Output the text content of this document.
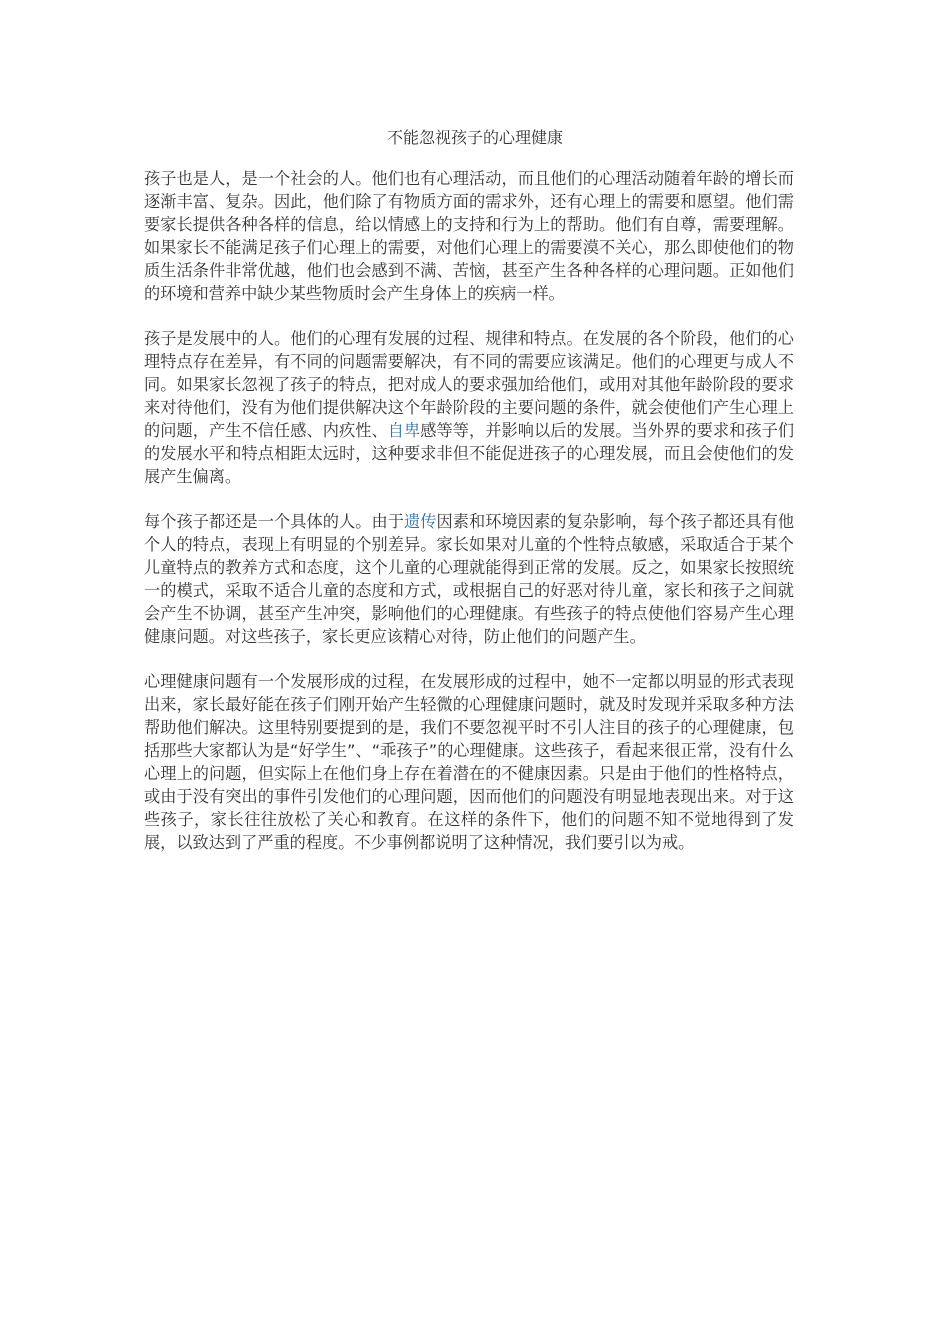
不能忽视孩子的心理健康

孩子也是人，是一个社会的人。他们也有心理活动，而且他们的心理活动随着年龄的增长而逐渐丰富、复杂。因此，他们除了有物质方面的需求外，还有心理上的需要和愿望。他们需要家长提供各种各样的信息，给以情感上的支持和行为上的帮助。他们有自尊，需要理解。如果家长不能满足孩子们心理上的需要，对他们心理上的需要漠不关心，那么即使他们的物质生活条件非常优越，他们也会感到不满、苦恼，甚至产生各种各样的心理问题。正如他们的环境和营养中缺少某些物质时会产生身体上的疾病一样。

孩子是发展中的人。他们的心理有发展的过程、规律和特点。在发展的各个阶段，他们的心理特点存在差异，有不同的问题需要解决，有不同的需要应该满足。他们的心理更与成人不同。如果家长忽视了孩子的特点，把对成人的要求强加给他们，或用对其他年龄阶段的要求来对待他们，没有为他们提供解决这个年龄阶段的主要问题的条件，就会使他们产生心理上的问题，产生不信任感、内疚性、自卑感等等，并影响以后的发展。当外界的要求和孩子们的发展水平和特点相距太远时，这种要求非但不能促进孩子的心理发展，而且会使他们的发展产生偏离。

每个孩子都还是一个具体的人。由于遗传因素和环境因素的复杂影响，每个孩子都还具有他个人的特点，表现上有明显的个别差异。家长如果对儿童的个性特点敏感，采取适合于某个儿童特点的教养方式和态度，这个儿童的心理就能得到正常的发展。反之，如果家长按照统一的模式，采取不适合儿童的态度和方式，或根据自己的好恶对待儿童，家长和孩子之间就会产生不协调，甚至产生冲突，影响他们的心理健康。有些孩子的特点使他们容易产生心理健康问题。对这些孩子，家长更应该精心对待，防止他们的问题产生。

心理健康问题有一个发展形成的过程，在发展形成的过程中，她不一定都以明显的形式表现出来，家长最好能在孩子们刚开始产生轻微的心理健康问题时，就及时发现并采取多种方法帮助他们解决。这里特别要提到的是，我们不要忽视平时不引人注目的孩子的心理健康，包括那些大家都认为是“好学生”、“乖孩子”的心理健康。这些孩子，看起来很正常，没有什么心理上的问题，但实际上在他们身上存在着潜在的不健康因素。只是由于他们的性格特点，或由于没有突出的事件引发他们的心理问题，因而他们的问题没有明显地表现出来。对于这些孩子，家长往往放松了关心和教育。在这样的条件下，他们的问题不知不觉地得到了发展，以致达到了严重的程度。不少事例都说明了这种情况，我们要引以为戒。
